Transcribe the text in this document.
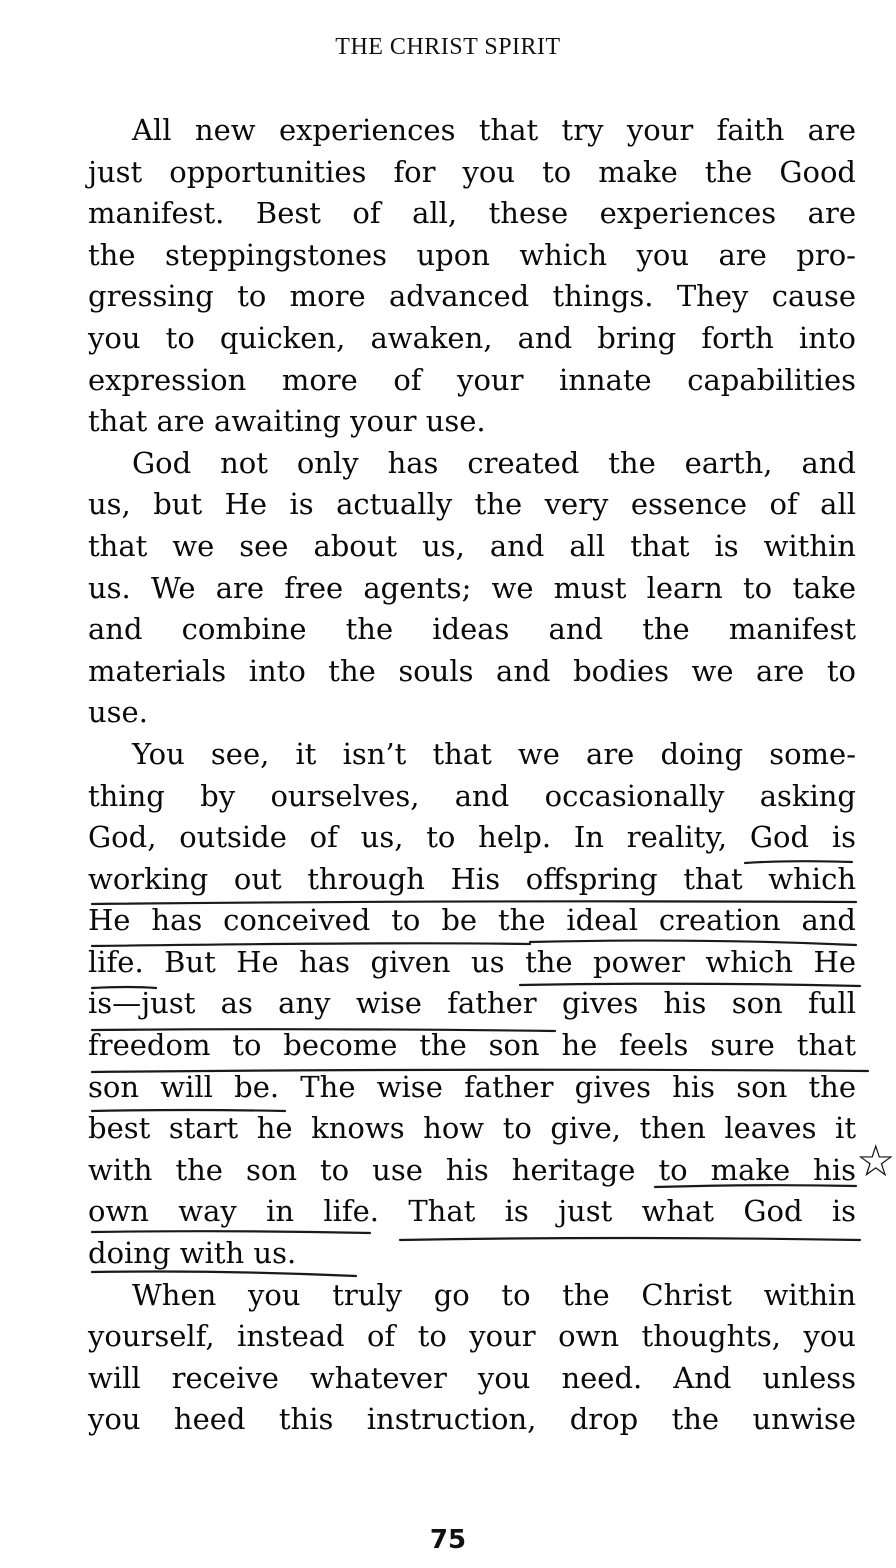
THE CHRIST SPIRIT
All new experiences that try your faith are
just opportunities for you to make the Good
manifest. Best of all, these experiences are
the steppingstones upon which you are pro-
gressing to more advanced things. They cause
you to quicken, awaken, and bring forth into
expression more of your innate capabilities
that are awaiting your use.
God not only has created the earth, and
us, but He is actually the very essence of all
that we see about us, and all that is within
us. We are free agents; we must learn to take
and combine the ideas and the manifest
materials into the souls and bodies we are to
use.
You see, it isn’t that we are doing some-
thing by ourselves, and occasionally asking
God, outside of us, to help. In reality, God is
working out through His offspring that which
He has conceived to be the ideal creation and
life. But He has given us the power which He
is—just as any wise father gives his son full
freedom to become the son he feels sure that
son will be. The wise father gives his son the
best start he knows how to give, then leaves it
with the son to use his heritage to make his
own way in life. That is just what God is
doing with us.
When you truly go to the Christ within
yourself, instead of to your own thoughts, you
will receive whatever you need. And unless
you heed this instruction, drop the unwise
☆
75
